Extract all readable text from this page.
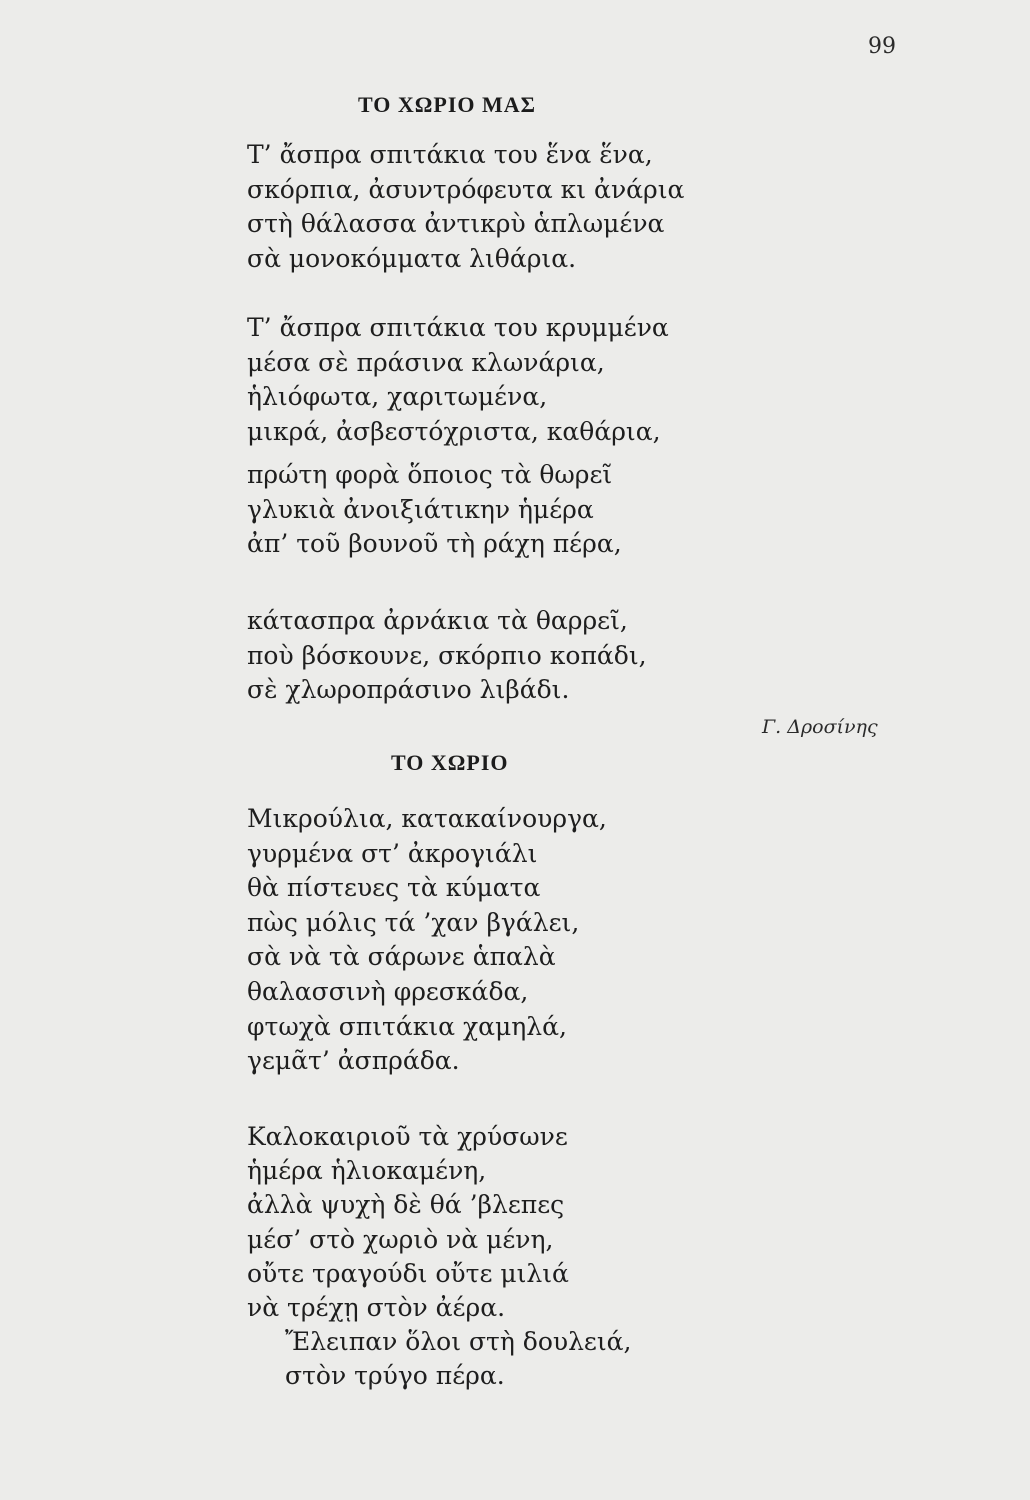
99
ΤΟ ΧΩΡΙΟ ΜΑΣ
Τ’ ἄσπρα σπιτάκια του ἕνα ἕνα,
σκόρπια, ἀσυντρόφευτα κι ἀνάρια
στὴ θάλασσα ἀντικρὺ ἁπλωμένα
σὰ μονοκόμματα λιθάρια.
Τ’ ἄσπρα σπιτάκια του κρυμμένα
μέσα σὲ πράσινα κλωνάρια,
ἡλιόφωτα, χαριτωμένα,
μικρά, ἀσβεστόχριστα, καθάρια,
πρώτη φορὰ ὅποιος τὰ θωρεῖ
γλυκιὰ ἀνοιξιάτικην ἡμέρα
ἀπ’ τοῦ βουνοῦ τὴ ράχη πέρα,
κάτασπρα ἀρνάκια τὰ θαρρεῖ,
ποὺ βόσκουνε, σκόρπιο κοπάδι,
σὲ χλωροπράσινο λιβάδι.
Γ. Δροσίνης
ΤΟ ΧΩΡΙΟ
Μικρούλια, κατακαίνουργα,
γυρμένα στ’ ἀκρογιάλι
θὰ πίστευες τὰ κύματα
πὼς μόλις τά ’χαν βγάλει,
σὰ νὰ τὰ σάρωνε ἁπαλὰ
θαλασσινὴ φρεσκάδα,
φτωχὰ σπιτάκια χαμηλά,
γεμᾶτ’ ἀσπράδα.
Καλοκαιριοῦ τὰ χρύσωνε
ἡμέρα ἡλιοκαμένη,
ἀλλὰ ψυχὴ δὲ θά ’βλεπες
μέσ’ στὸ χωριὸ νὰ μένη,
οὔτε τραγούδι οὔτε μιλιά
νὰ τρέχῃ στὸν ἀέρα.
Ἔλειπαν ὅλοι στὴ δουλειά,
στὸν τρύγο πέρα.
